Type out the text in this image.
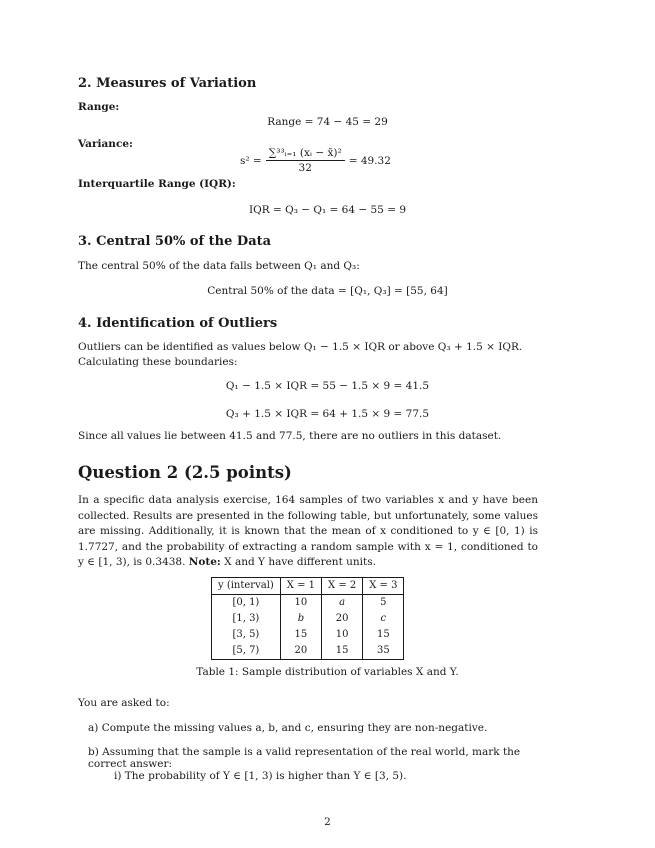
2. Measures of Variation
Range:
Range = 74 − 45 = 29
Variance:
$s^2 = \frac{\text{∑³³ᵢ₌₁ (xᵢ − x̄)²}}{32} = 49.32$
Interquartile Range (IQR):
IQR = Q₃ − Q₁ = 64 − 55 = 9
3. Central 50% of the Data
The central 50% of the data falls between Q₁ and Q₃:
Central 50% of the data = [Q₁, Q₃] = [55, 64]
4. Identification of Outliers
Outliers can be identified as values below Q₁ − 1.5 × IQR or above Q₃ + 1.5 × IQR.
Calculating these boundaries:
Q₁ − 1.5 × IQR = 55 − 1.5 × 9 = 41.5
Q₃ + 1.5 × IQR = 64 + 1.5 × 9 = 77.5
Since all values lie between 41.5 and 77.5, there are no outliers in this dataset.
Question 2 (2.5 points)
In a specific data analysis exercise, 164 samples of two variables x and y have been collected. Results are presented in the following table, but unfortunately, some values are missing. Additionally, it is known that the mean of x conditioned to y ∈ [0, 1) is 1.7727, and the probability of extracting a random sample with x = 1, conditioned to y ∈ [1, 3), is 0.3438. Note: X and Y have different units.
y (interval)	X = 1	X = 2	X = 3
[0, 1)	10	a	5
[1, 3)	b	20	c
[3, 5)	15	10	15
[5, 7)	20	15	35
Table 1: Sample distribution of variables X and Y.
You are asked to:
a) Compute the missing values a, b, and c, ensuring they are non-negative.
b) Assuming that the sample is a valid representation of the real world, mark the correct answer:
i) The probability of Y ∈ [1, 3) is higher than Y ∈ [3, 5).
2
